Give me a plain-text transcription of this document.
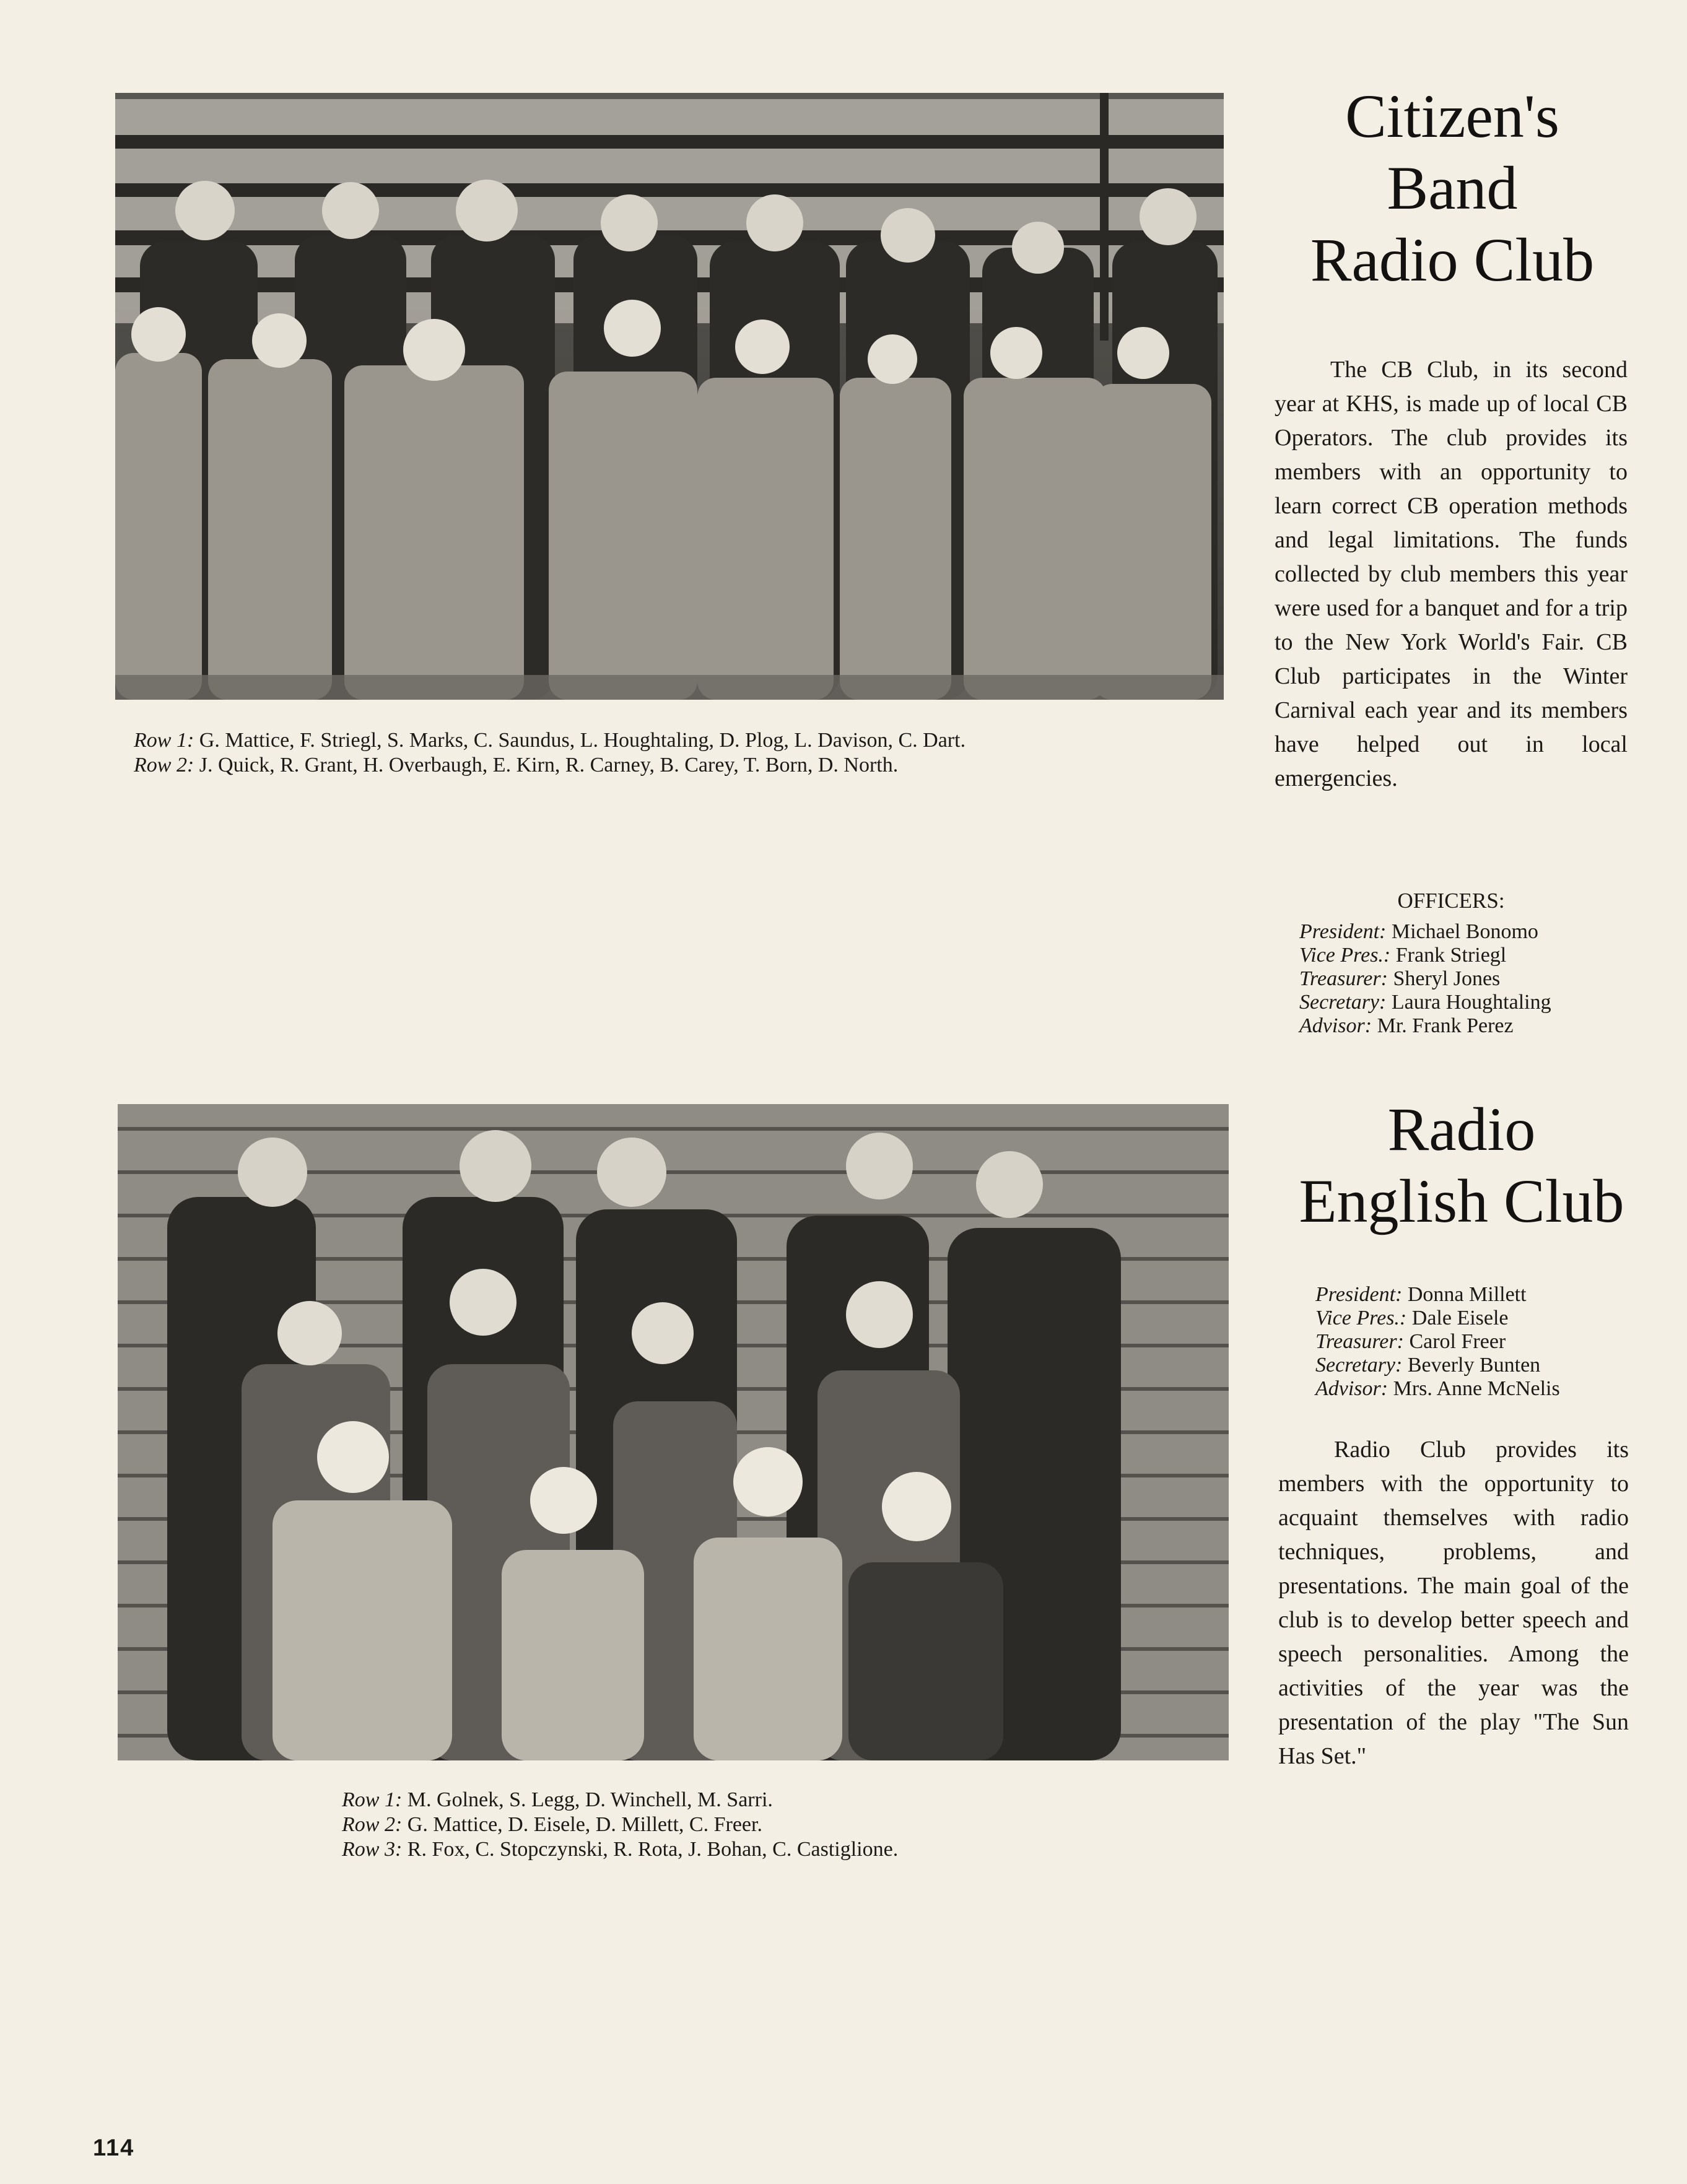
Row 1: G. Mattice, F. Striegl, S. Marks, C. Saundus, L. Houghtaling, D. Plog, L. Davison, C. Dart.
Row 2: J. Quick, R. Grant, H. Overbaugh, E. Kirn, R. Carney, B. Carey, T. Born, D. North.
Citizen's
Band
Radio Club

The CB Club, in its second year at KHS, is made up of local CB Operators. The club provides its members with an opportunity to learn correct CB operation methods and legal limitations. The funds collected by club members this year were used for a banquet and for a trip to the New York World's Fair. CB Club participates in the Winter Carnival each year and its members have helped out in local emergencies.

OFFICERS:
President: Michael Bonomo
Vice Pres.: Frank Striegl
Treasurer: Sheryl Jones
Secretary: Laura Houghtaling
Advisor: Mr. Frank Perez
Row 1: M. Golnek, S. Legg, D. Winchell, M. Sarri.
Row 2: G. Mattice, D. Eisele, D. Millett, C. Freer.
Row 3: R. Fox, C. Stopczynski, R. Rota, J. Bohan, C. Castiglione.
Radio
English Club
President: Donna Millett
Vice Pres.: Dale Eisele
Treasurer: Carol Freer
Secretary: Beverly Bunten
Advisor: Mrs. Anne McNelis

Radio Club provides its members with the opportunity to acquaint themselves with radio techniques, problems, and presentations. The main goal of the club is to develop better speech and speech personalities. Among the activities of the year was the presentation of the play "The Sun Has Set."

114
